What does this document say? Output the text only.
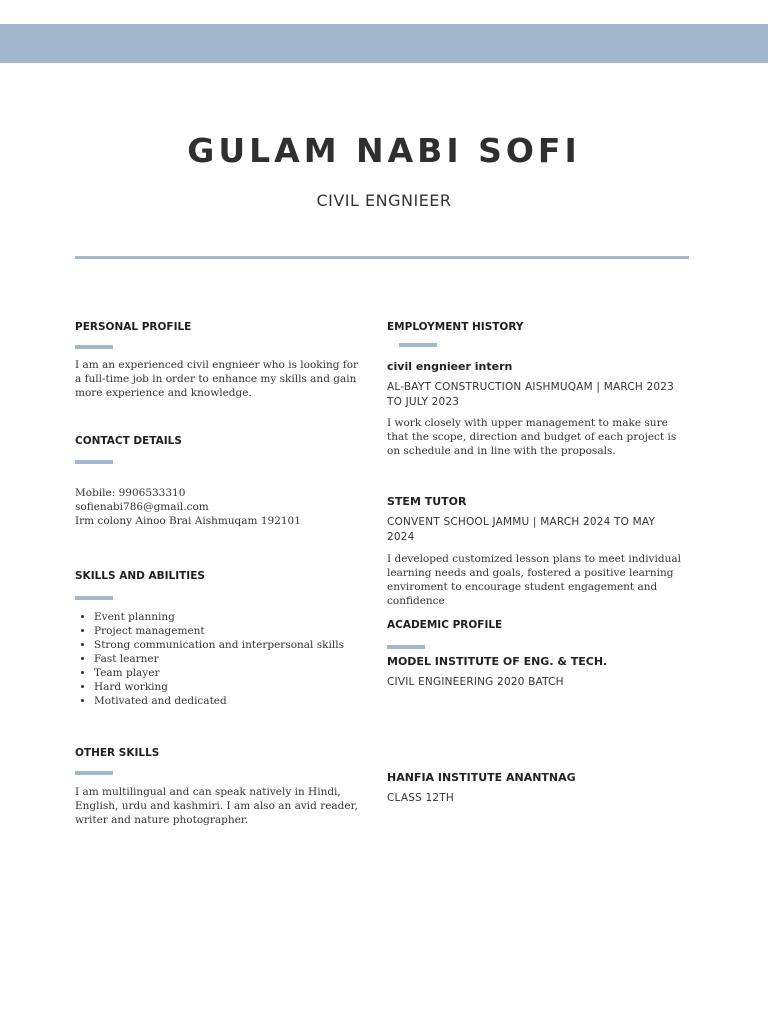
GULAM NABI SOFI
CIVIL ENGNIEER
PERSONAL PROFILE
I am an experienced civil engnieer who is looking for a full-time job in order to enhance my skills and gain more experience and knowledge.
CONTACT DETAILS
Mobile: 9906533310
sofienabi786@gmail.com
Irm colony Ainoo Brai Aishmuqam 192101
SKILLS AND ABILITIES
• Event planning
• Project management
• Strong communication and interpersonal skills
• Fast learner
• Team player
• Hard working
• Motivated and dedicated
OTHER SKILLS
I am multilingual and can speak natively in Hindi, English, urdu and kashmiri. I am also an avid reader, writer and nature photographer.
EMPLOYMENT HISTORY
civil engnieer intern
AL-BAYT CONSTRUCTION AISHMUQAM | MARCH 2023 TO JULY 2023
I work closely with upper management to make sure that the scope, direction and budget of each project is on schedule and in line with the proposals.
STEM TUTOR
CONVENT SCHOOL JAMMU | MARCH 2024 TO MAY 2024
I developed customized lesson plans to meet individual learning needs and goals, fostered a positive learning enviroment to encourage student engagement and confidence
ACADEMIC PROFILE
MODEL INSTITUTE OF ENG. & TECH.
CIVIL ENGINEERING 2020 BATCH
HANFIA INSTITUTE ANANTNAG
CLASS 12TH
